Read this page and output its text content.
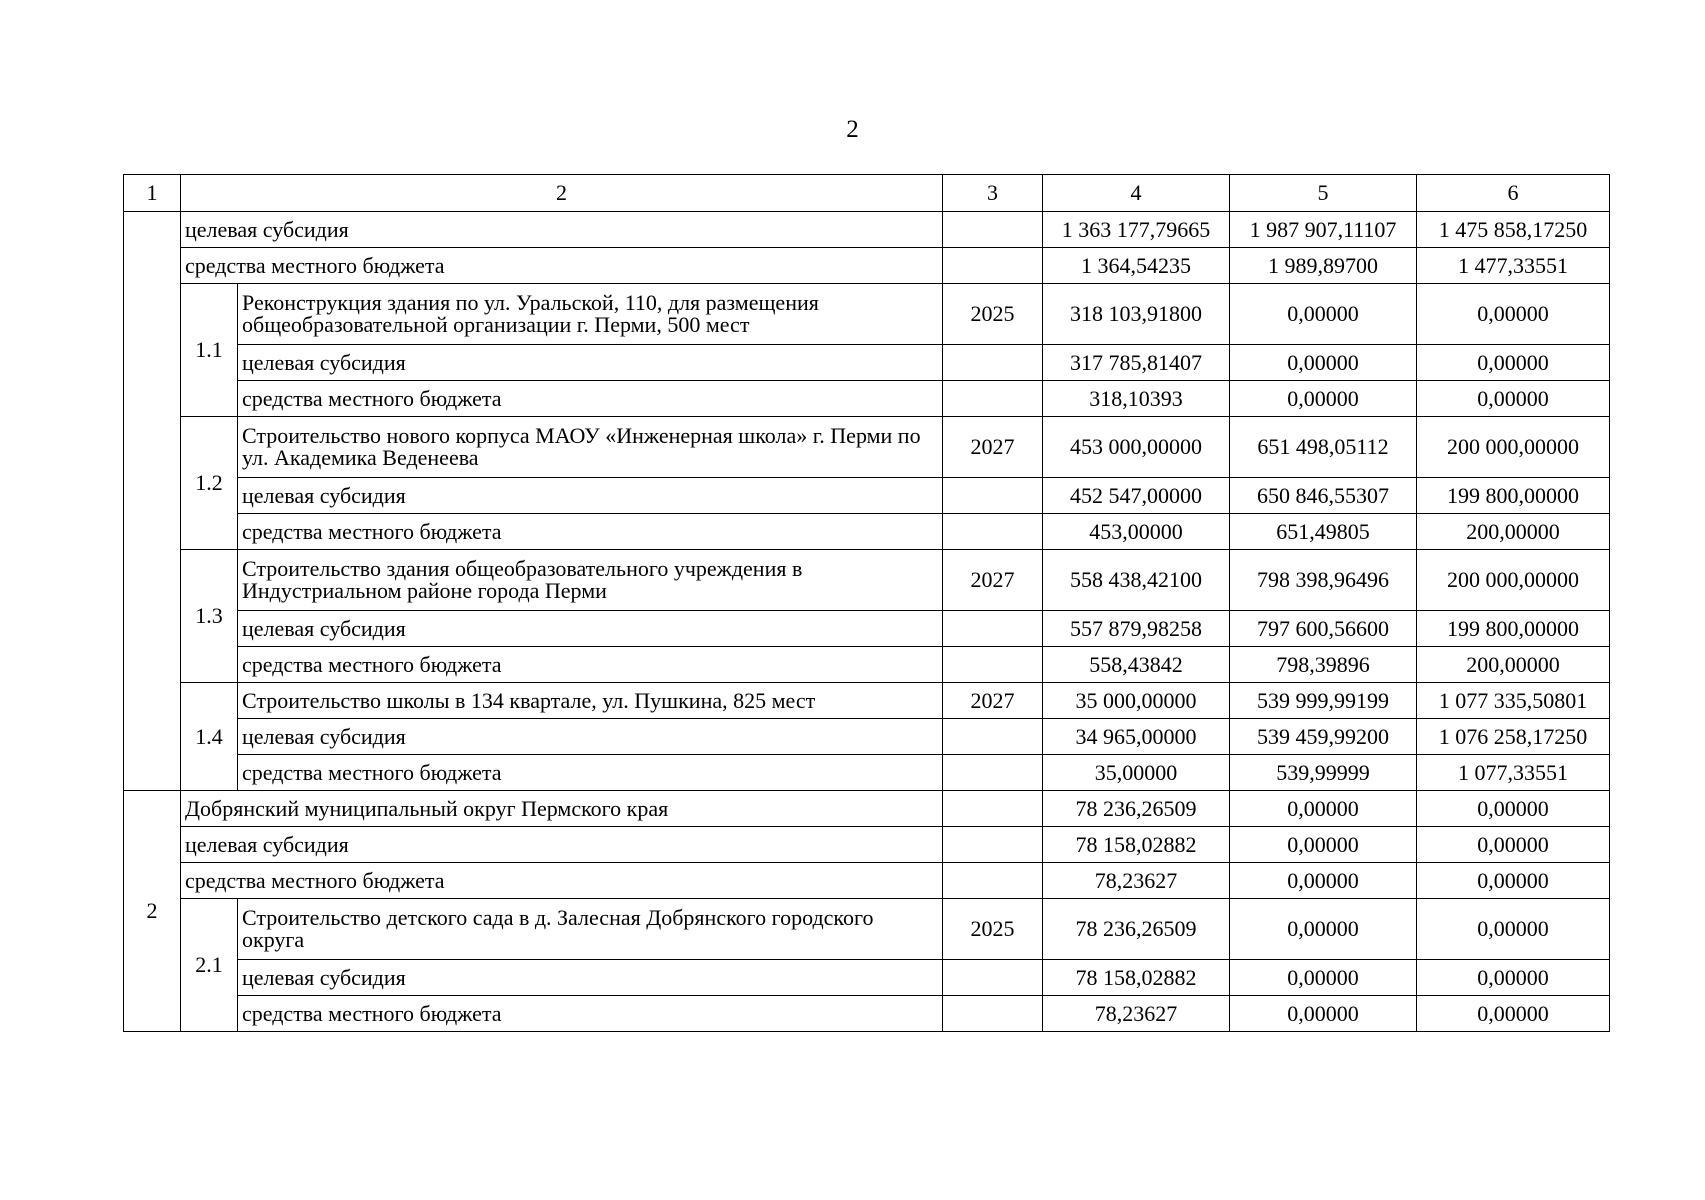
2
1	2		3	4	5	6
	целевая субсидия			1 363 177,79665	1 987 907,11107	1 475 858,17250
	средства местного бюджета			1 364,54235	1 989,89700	1 477,33551
	1.1	Реконструкция здания по ул. Уральской, 110, для размещения общеобразовательной организации г. Перми, 500 мест	2025	318 103,91800	0,00000	0,00000
		целевая субсидия		317 785,81407	0,00000	0,00000
		средства местного бюджета		318,10393	0,00000	0,00000
	1.2	Строительство нового корпуса МАОУ «Инженерная школа» г. Перми по ул. Академика Веденеева	2027	453 000,00000	651 498,05112	200 000,00000
		целевая субсидия		452 547,00000	650 846,55307	199 800,00000
		средства местного бюджета		453,00000	651,49805	200,00000
	1.3	Строительство здания общеобразовательного учреждения в Индустриальном районе города Перми	2027	558 438,42100	798 398,96496	200 000,00000
		целевая субсидия		557 879,98258	797 600,56600	199 800,00000
		средства местного бюджета		558,43842	798,39896	200,00000
	1.4	Строительство школы в 134 квартале, ул. Пушкина, 825 мест	2027	35 000,00000	539 999,99199	1 077 335,50801
		целевая субсидия		34 965,00000	539 459,99200	1 076 258,17250
		средства местного бюджета		35,00000	539,99999	1 077,33551
2	Добрянский муниципальный округ Пермского края			78 236,26509	0,00000	0,00000
	целевая субсидия			78 158,02882	0,00000	0,00000
	средства местного бюджета			78,23627	0,00000	0,00000
	2.1	Строительство детского сада в д. Залесная Добрянского городского округа	2025	78 236,26509	0,00000	0,00000
		целевая субсидия		78 158,02882	0,00000	0,00000
		средства местного бюджета		78,23627	0,00000	0,00000
